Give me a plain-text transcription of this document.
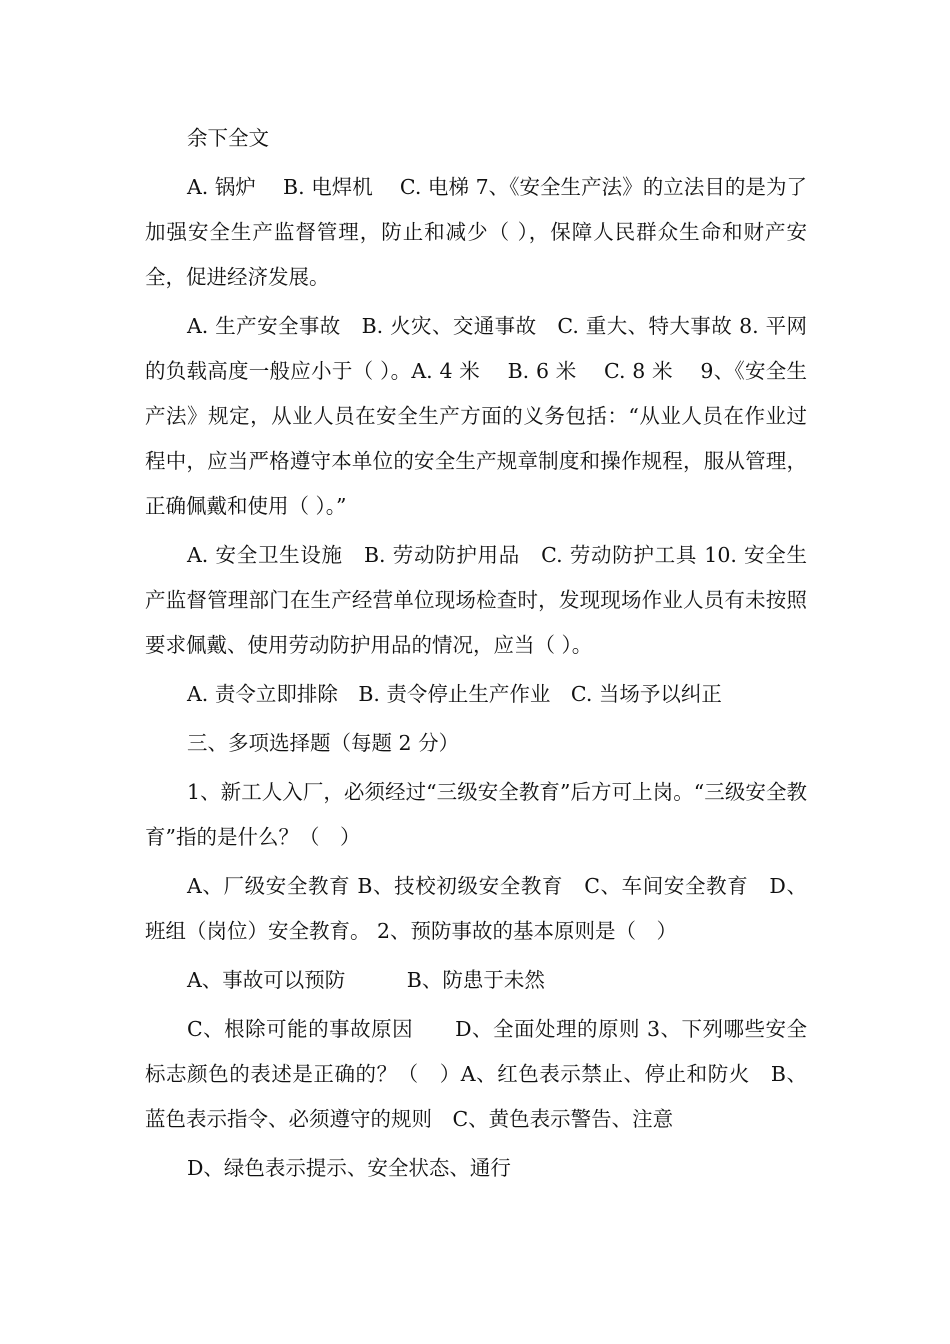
余下全文

A. 锅炉　 B. 电焊机　 C. 电梯 7、《安全生产法》的立法目的是为了加强安全生产监督管理，防止和减少（ ），保障人民群众生命和财产安全，促进经济发展。

A. 生产安全事故　B. 火灾、交通事故　C. 重大、特大事故 8. 平网的负载高度一般应小于（ ）。A. 4 米　 B. 6 米　 C. 8 米　 9、《安全生产法》规定，从业人员在安全生产方面的义务包括：“从业人员在作业过程中，应当严格遵守本单位的安全生产规章制度和操作规程，服从管理，正确佩戴和使用（ ）。”

A. 安全卫生设施　B. 劳动防护用品　C. 劳动防护工具 10. 安全生产监督管理部门在生产经营单位现场检查时，发现现场作业人员有未按照要求佩戴、使用劳动防护用品的情况，应当（ ）。

A. 责令立即排除　B. 责令停止生产作业　C. 当场予以纠正

三、多项选择题（每题 2 分）

1、新工人入厂，必须经过“三级安全教育”后方可上岗。“三级安全教育”指的是什么？（　）

A、厂级安全教育 B、技校初级安全教育　C、车间安全教育　D、班组（岗位）安全教育。 2、预防事故的基本原则是（　）

A、事故可以预防　　　B、防患于未然

C、根除可能的事故原因　　D、全面处理的原则 3、下列哪些安全标志颜色的表述是正确的？（　）A、红色表示禁止、停止和防火　B、蓝色表示指令、必须遵守的规则　C、黄色表示警告、注意

D、绿色表示提示、安全状态、通行
